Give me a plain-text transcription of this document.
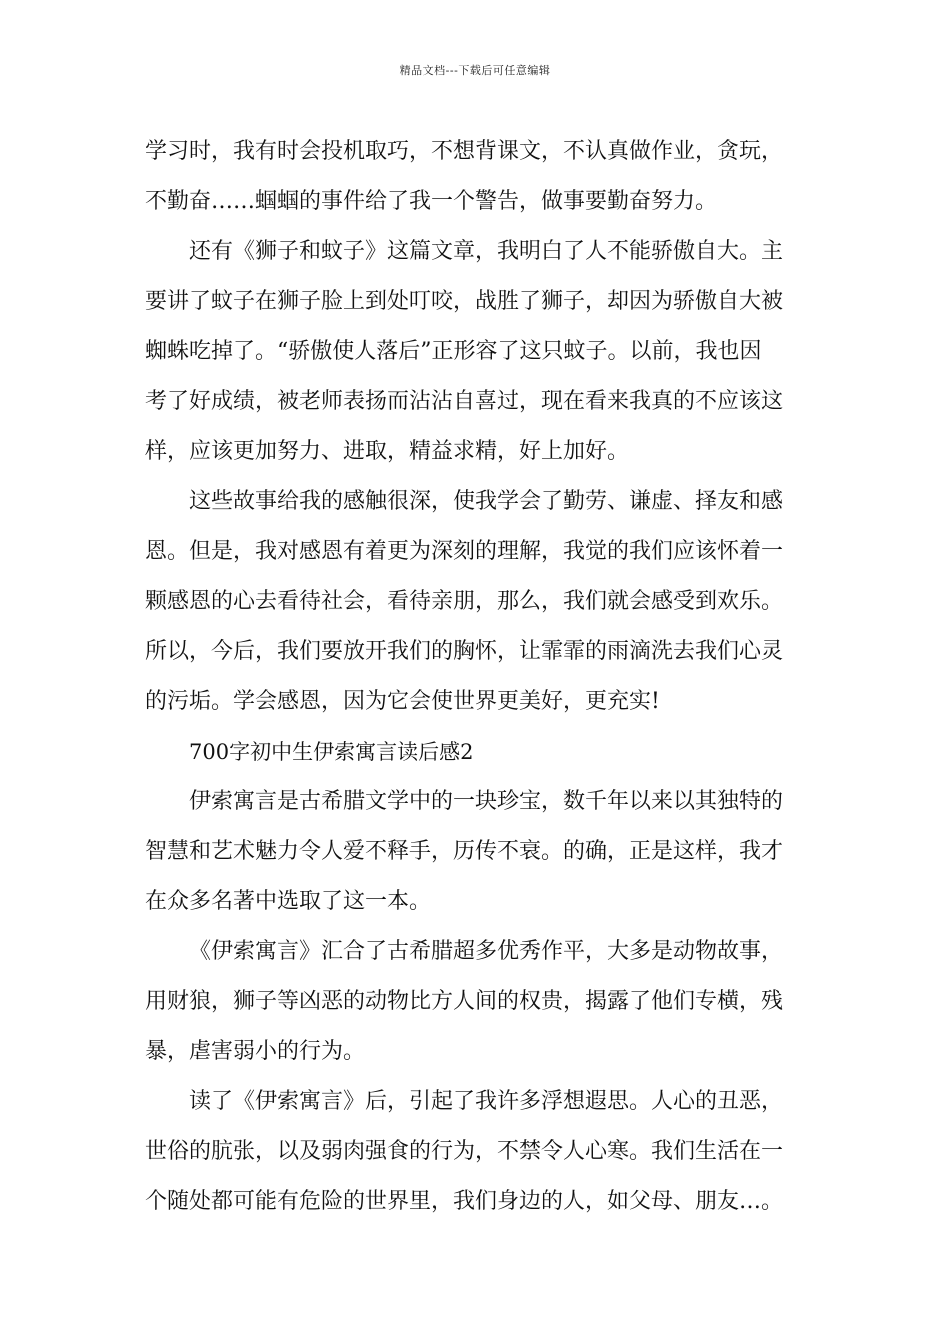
精品文档---下载后可任意编辑
学习时，我有时会投机取巧，不想背课文，不认真做作业，贪玩，
不勤奋……蝈蝈的事件给了我一个警告，做事要勤奋努力。
还有《狮子和蚊子》这篇文章，我明白了人不能骄傲自大。主
要讲了蚊子在狮子脸上到处叮咬，战胜了狮子，却因为骄傲自大被
蜘蛛吃掉了。“骄傲使人落后”正形容了这只蚊子。以前，我也因
考了好成绩，被老师表扬而沾沾自喜过，现在看来我真的不应该这
样，应该更加努力、进取，精益求精，好上加好。
这些故事给我的感触很深，使我学会了勤劳、谦虚、择友和感
恩。但是，我对感恩有着更为深刻的理解，我觉的我们应该怀着一
颗感恩的心去看待社会，看待亲朋，那么，我们就会感受到欢乐。
所以，今后，我们要放开我们的胸怀，让霏霏的雨滴洗去我们心灵
的污垢。学会感恩，因为它会使世界更美好，更充实!
700字初中生伊索寓言读后感2
伊索寓言是古希腊文学中的一块珍宝，数千年以来以其独特的
智慧和艺术魅力令人爱不释手，历传不衰。的确，正是这样，我才
在众多名著中选取了这一本。
《伊索寓言》汇合了古希腊超多优秀作平，大多是动物故事，
用财狼，狮子等凶恶的动物比方人间的权贵，揭露了他们专横，残
暴，虐害弱小的行为。
读了《伊索寓言》后，引起了我许多浮想遐思。人心的丑恶，
世俗的肮张，以及弱肉强食的行为，不禁令人心寒。我们生活在一
个随处都可能有危险的世界里，我们身边的人，如父母、朋友…。
